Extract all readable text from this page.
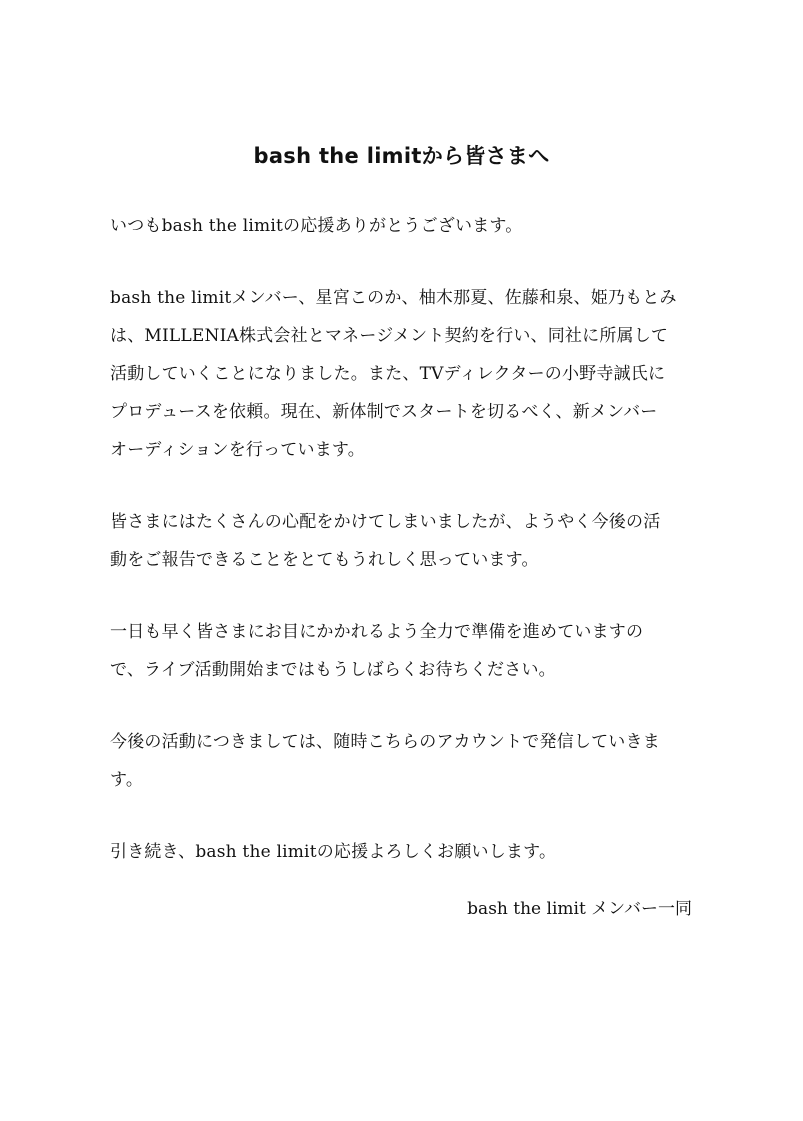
bash the limitから皆さまへ
いつもbash the limitの応援ありがとうございます。
bash the limitメンバー、星宮このか、柚木那夏、佐藤和泉、姫乃もとみ
は、MILLENIA株式会社とマネージメント契約を行い、同社に所属して
活動していくことになりました。また、TVディレクターの小野寺誠氏に
プロデュースを依頼。現在、新体制でスタートを切るべく、新メンバー
オーディションを行っています。
皆さまにはたくさんの心配をかけてしまいましたが、ようやく今後の活
動をご報告できることをとてもうれしく思っています。
一日も早く皆さまにお目にかかれるよう全力で準備を進めていますの
で、ライブ活動開始まではもうしばらくお待ちください。
今後の活動につきましては、随時こちらのアカウントで発信していきま
す。
引き続き、bash the limitの応援よろしくお願いします。
bash the limit メンバー一同
